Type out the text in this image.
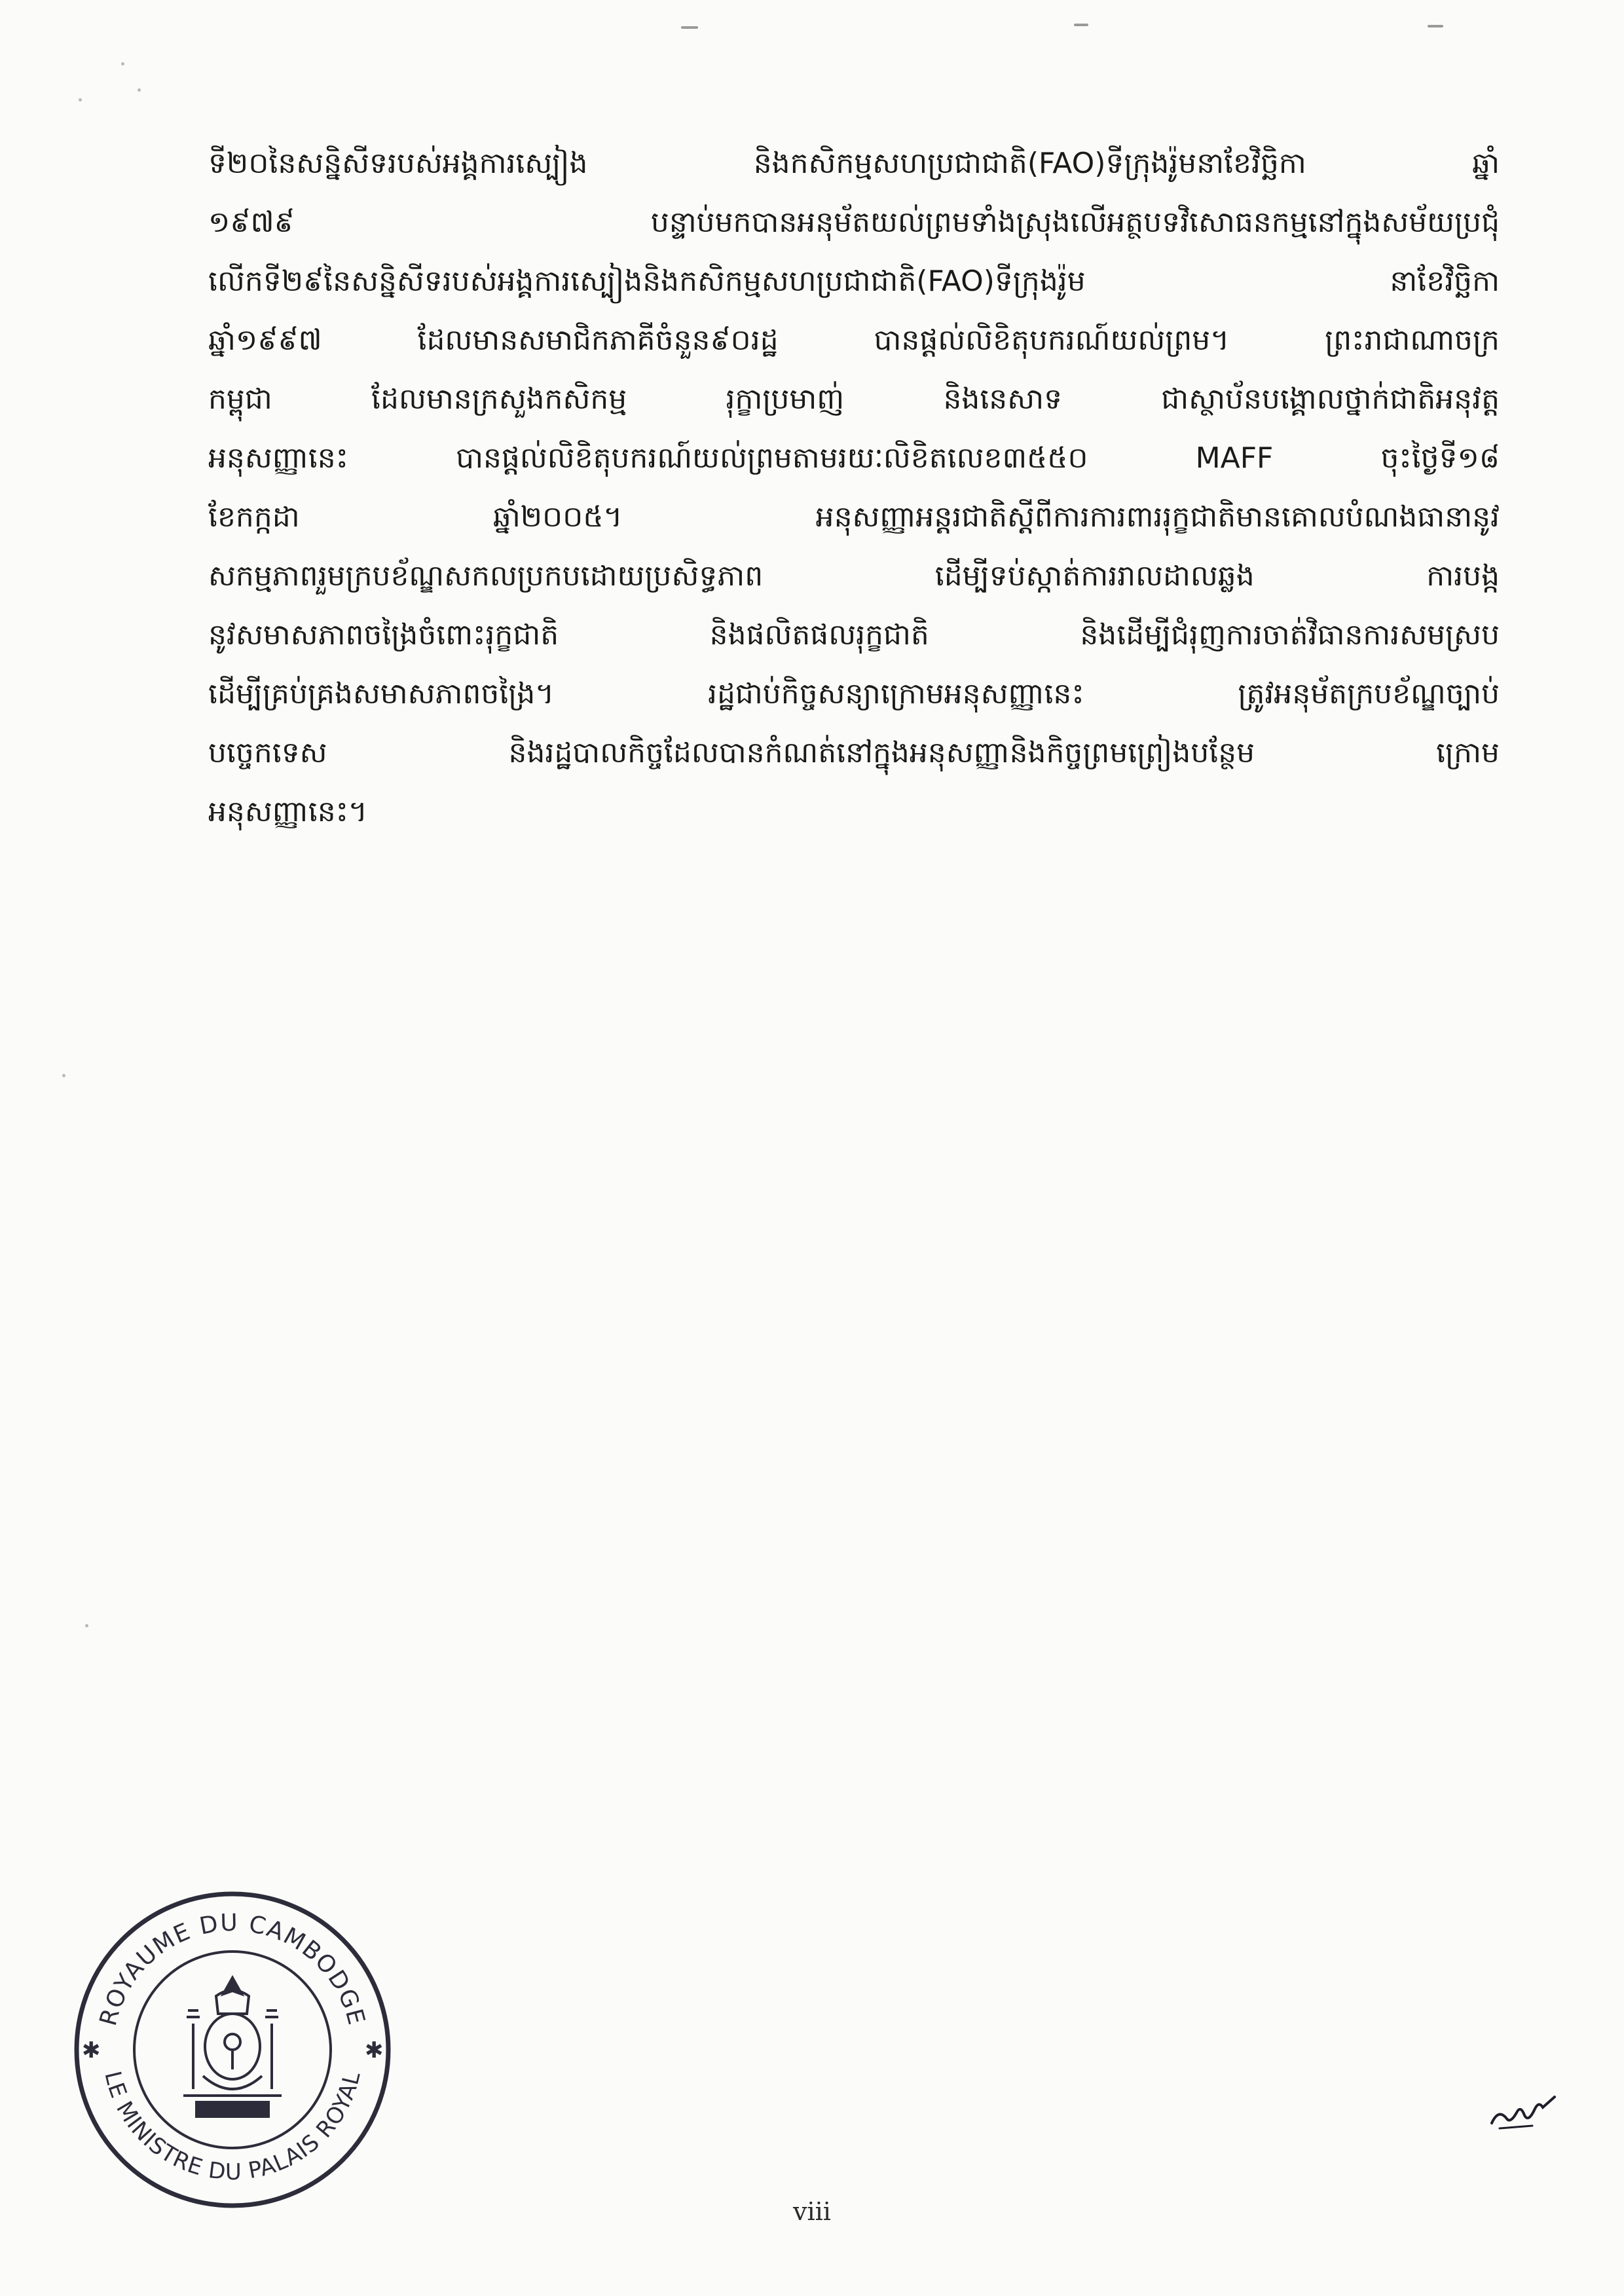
ទី២០នៃសន្និសីទរបស់អង្គការស្បៀង និងកសិកម្មសហប្រជាជាតិ(FAO)ទីក្រុងរ៉ូមនាខែវិច្ឆិកា ឆ្នាំ
១៩៧៩ បន្ទាប់មកបានអនុម័តយល់ព្រមទាំងស្រុងលើអត្ថបទវិសោធនកម្មនៅក្នុងសម័យប្រជុំ
លើកទី២៩នៃសន្និសីទរបស់អង្គការស្បៀងនិងកសិកម្មសហប្រជាជាតិ(FAO)ទីក្រុងរ៉ូម នាខែវិច្ឆិកា
ឆ្នាំ១៩៩៧ ដែលមានសមាជិកភាគីចំនួន៩០រដ្ឋ បានផ្តល់លិខិតុបករណ៍យល់ព្រម។ ព្រះរាជាណាចក្រ
កម្ពុជា ដែលមានក្រសួងកសិកម្ម រុក្ខាប្រមាញ់ និងនេសាទ ជាស្ថាប័នបង្គោលថ្នាក់ជាតិអនុវត្ត
អនុសញ្ញានេះ បានផ្តល់លិខិតុបករណ៍យល់ព្រមតាមរយៈលិខិតលេខ៣៥៥០ MAFF ចុះថ្ងៃទី១៨
ខែកក្កដា ឆ្នាំ២០០៥។ អនុសញ្ញាអន្តរជាតិស្តីពីការការពាររុក្ខជាតិមានគោលបំណងធានានូវ
សកម្មភាពរួមក្របខ័ណ្ឌសកលប្រកបដោយប្រសិទ្ធភាព ដើម្បីទប់ស្កាត់ការរាលដាលឆ្លង ការបង្ក
នូវសមាសភាពចង្រៃចំពោះរុក្ខជាតិ និងផលិតផលរុក្ខជាតិ និងដើម្បីជំរុញការចាត់វិធានការសមស្រប
ដើម្បីគ្រប់គ្រងសមាសភាពចង្រៃ។ រដ្ឋជាប់កិច្ចសន្យាក្រោមអនុសញ្ញានេះ ត្រូវអនុម័តក្របខ័ណ្ឌច្បាប់
បច្ចេកទេស និងរដ្ឋបាលកិច្ចដែលបានកំណត់នៅក្នុងអនុសញ្ញានិងកិច្ចព្រមព្រៀងបន្ថែម ក្រោម
អនុសញ្ញានេះ។
ROYAUME DU CAMBODGE
LE MINISTRE DU PALAIS ROYAL
✱	✱
viii
